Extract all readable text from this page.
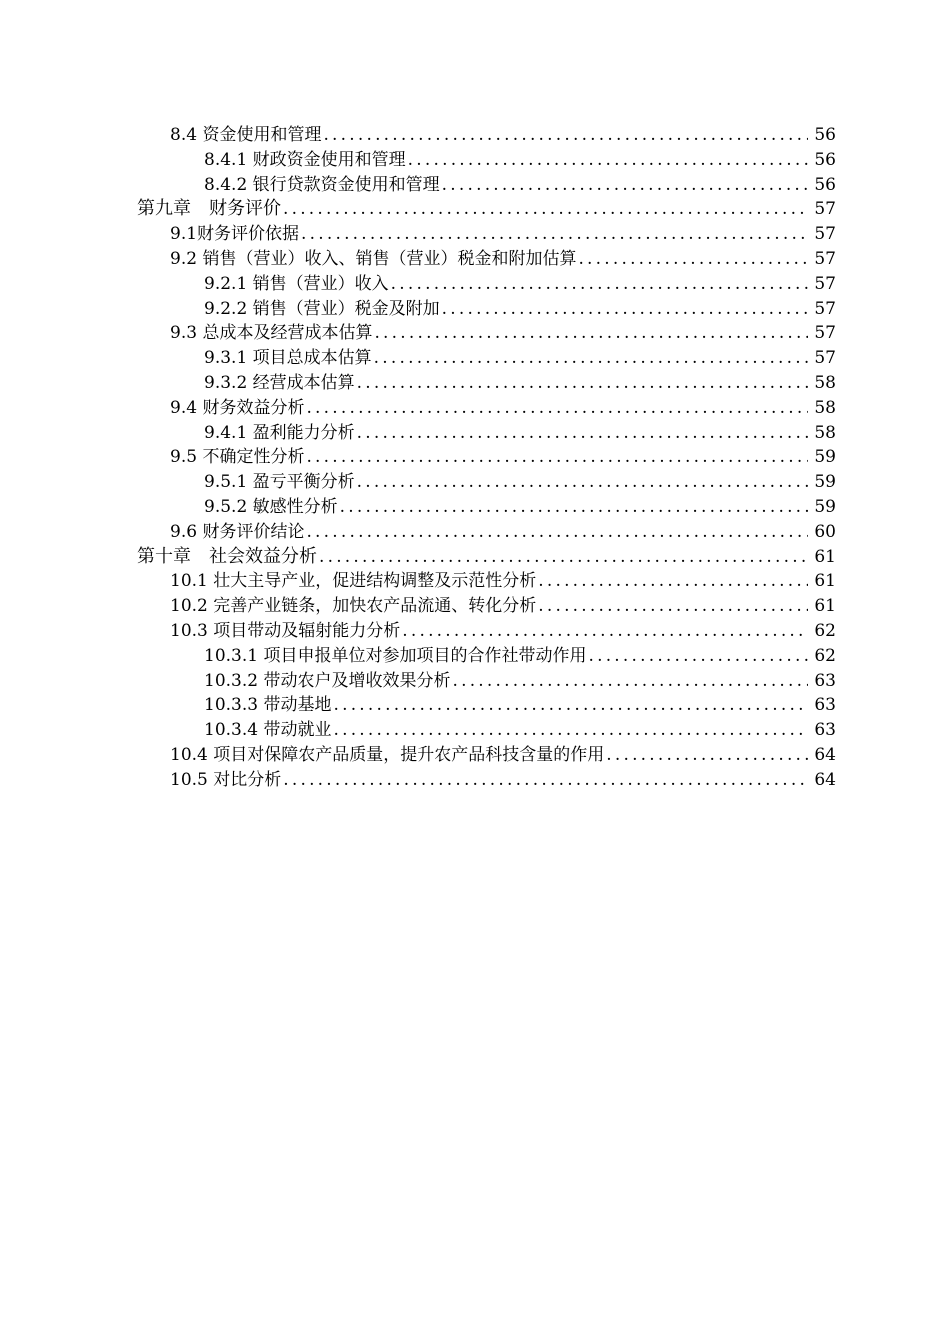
8.4 资金使用和管理 .....	56
8.4.1 财政资金使用和管理 .....	56
8.4.2 银行贷款资金使用和管理 .....	56
第九章　财务评价 .....	57
9.1财务评价依据 .....	57
9.2 销售（营业）收入、销售（营业）税金和附加估算 .....	57
9.2.1 销售（营业）收入 .....	57
9.2.2 销售（营业）税金及附加 .....	57
9.3 总成本及经营成本估算 .....	57
9.3.1 项目总成本估算 .....	57
9.3.2 经营成本估算 .....	58
9.4 财务效益分析 .....	58
9.4.1 盈利能力分析 .....	58
9.5 不确定性分析 .....	59
9.5.1 盈亏平衡分析 .....	59
9.5.2 敏感性分析 .....	59
9.6 财务评价结论 .....	60
第十章　社会效益分析 .....	61
10.1 壮大主导产业，促进结构调整及示范性分析 .....	61
10.2 完善产业链条，加快农产品流通、转化分析 .....	61
10.3 项目带动及辐射能力分析 .....	62
10.3.1 项目申报单位对参加项目的合作社带动作用 .....	62
10.3.2 带动农户及增收效果分析 .....	63
10.3.3 带动基地 .....	63
10.3.4 带动就业 .....	63
10.4 项目对保障农产品质量，提升农产品科技含量的作用 .....	64
10.5 对比分析 .....	64
